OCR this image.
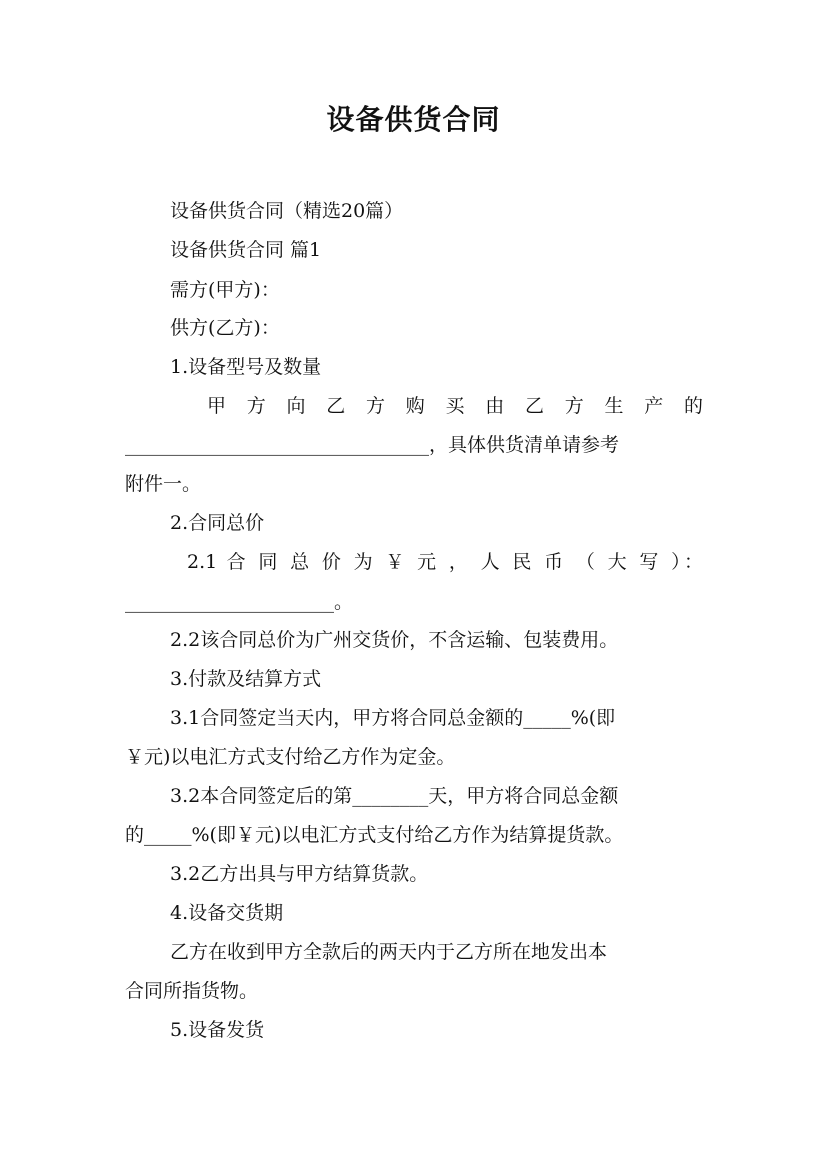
设备供货合同
设备供货合同（精选20篇）
设备供货合同 篇1
需方(甲方)：
供方(乙方)：
1.设备型号及数量
甲 方 向 乙 方 购 买 由 乙 方 生 产 的
________________________________，具体供货清单请参考
附件一。
2.合同总价
2.1 合 同 总 价 为 ￥ 元 ， 人 民 币 （ 大 写 ）：
______________________。
2.2该合同总价为广州交货价，不含运输、包装费用。
3.付款及结算方式
3.1合同签定当天内，甲方将合同总金额的_____%(即
￥元)以电汇方式支付给乙方作为定金。
3.2本合同签定后的第________天，甲方将合同总金额
的_____%(即￥元)以电汇方式支付给乙方作为结算提货款。
3.2乙方出具与甲方结算货款。
4.设备交货期
乙方在收到甲方全款后的两天内于乙方所在地发出本
合同所指货物。
5.设备发货
